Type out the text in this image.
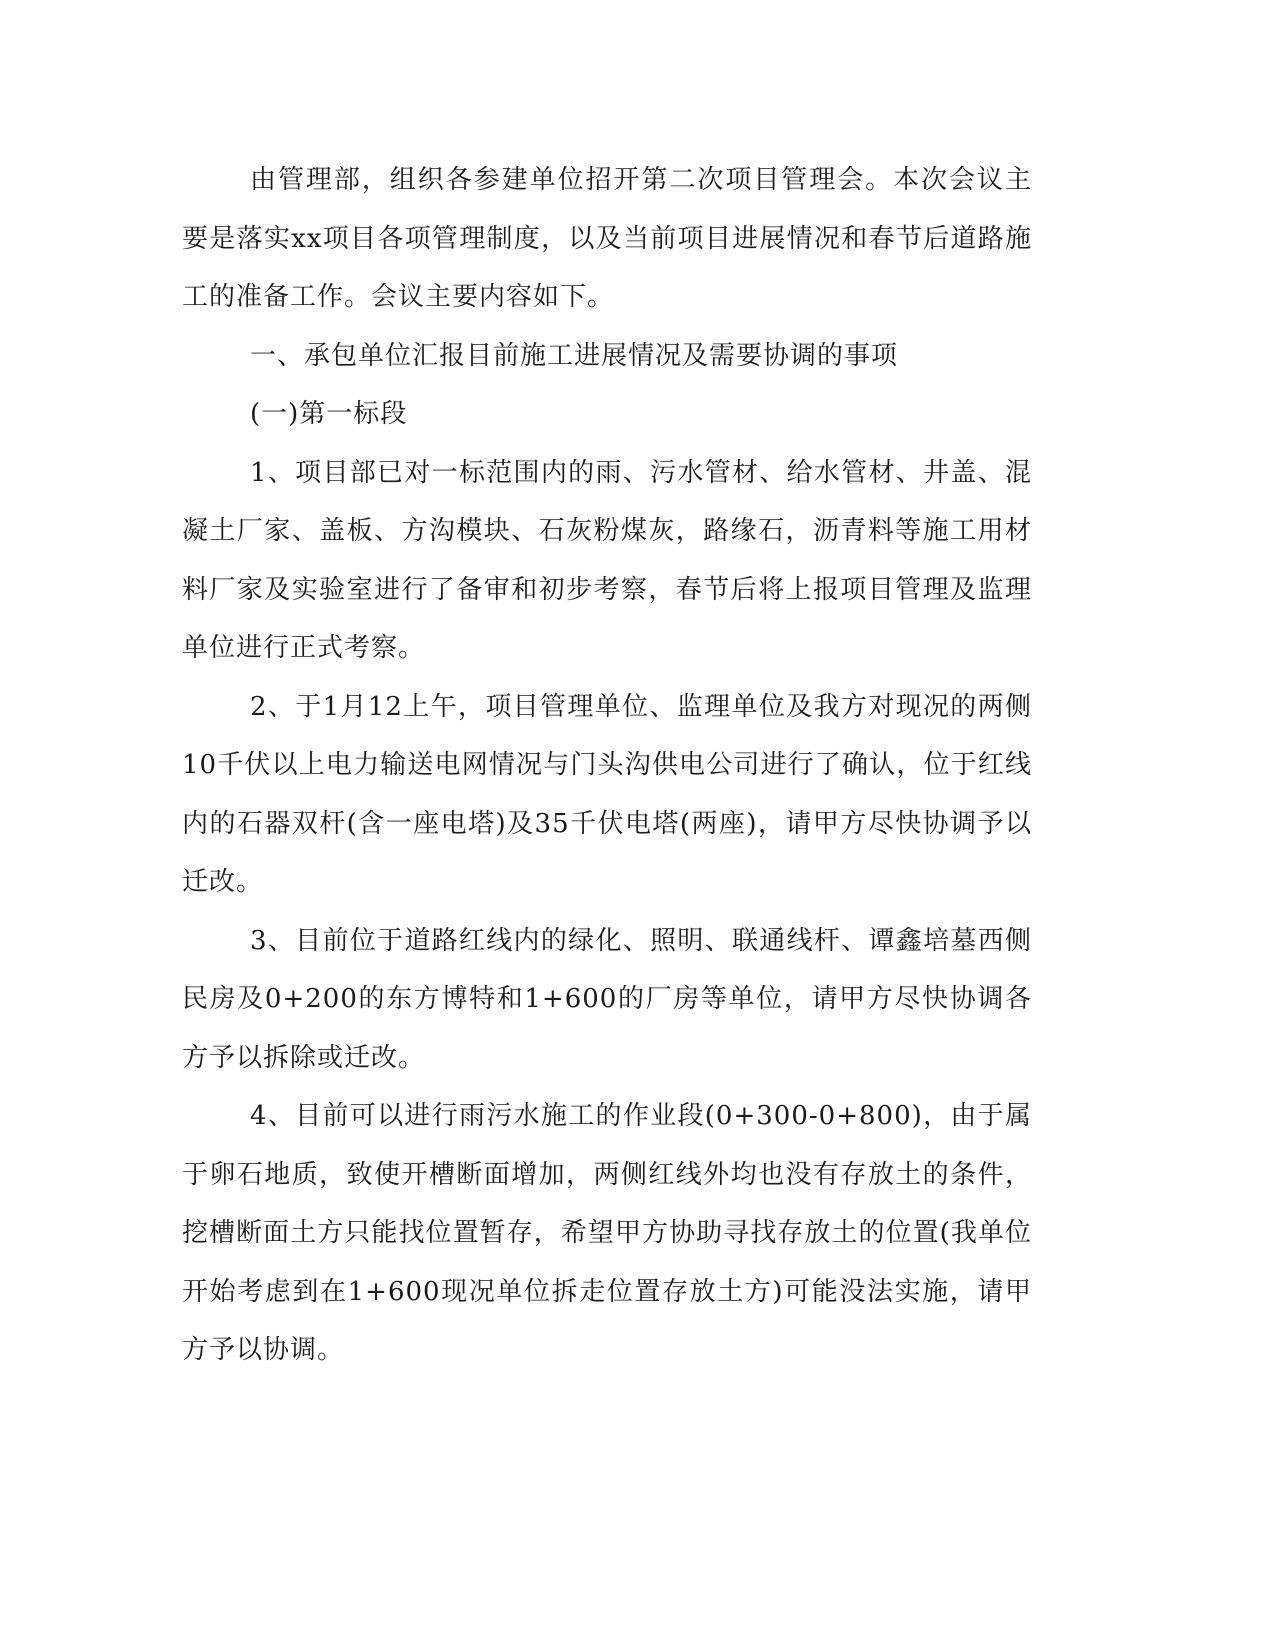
由管理部，组织各参建单位招开第二次项目管理会。本次会议主要是落实xx项目各项管理制度，以及当前项目进展情况和春节后道路施工的准备工作。会议主要内容如下。

一、承包单位汇报目前施工进展情况及需要协调的事项

(一)第一标段

1、项目部已对一标范围内的雨、污水管材、给水管材、井盖、混凝土厂家、盖板、方沟模块、石灰粉煤灰，路缘石，沥青料等施工用材料厂家及实验室进行了备审和初步考察，春节后将上报项目管理及监理单位进行正式考察。

2、于1月12上午，项目管理单位、监理单位及我方对现况的两侧10千伏以上电力输送电网情况与门头沟供电公司进行了确认，位于红线内的石器双杆(含一座电塔)及35千伏电塔(两座)，请甲方尽快协调予以迁改。

3、目前位于道路红线内的绿化、照明、联通线杆、谭鑫培墓西侧民房及0+200的东方博特和1+600的厂房等单位，请甲方尽快协调各方予以拆除或迁改。

4、目前可以进行雨污水施工的作业段(0+300-0+800)，由于属于卵石地质，致使开槽断面增加，两侧红线外均也没有存放土的条件，挖槽断面土方只能找位置暂存，希望甲方协助寻找存放土的位置(我单位开始考虑到在1+600现况单位拆走位置存放土方)可能没法实施，请甲方予以协调。
